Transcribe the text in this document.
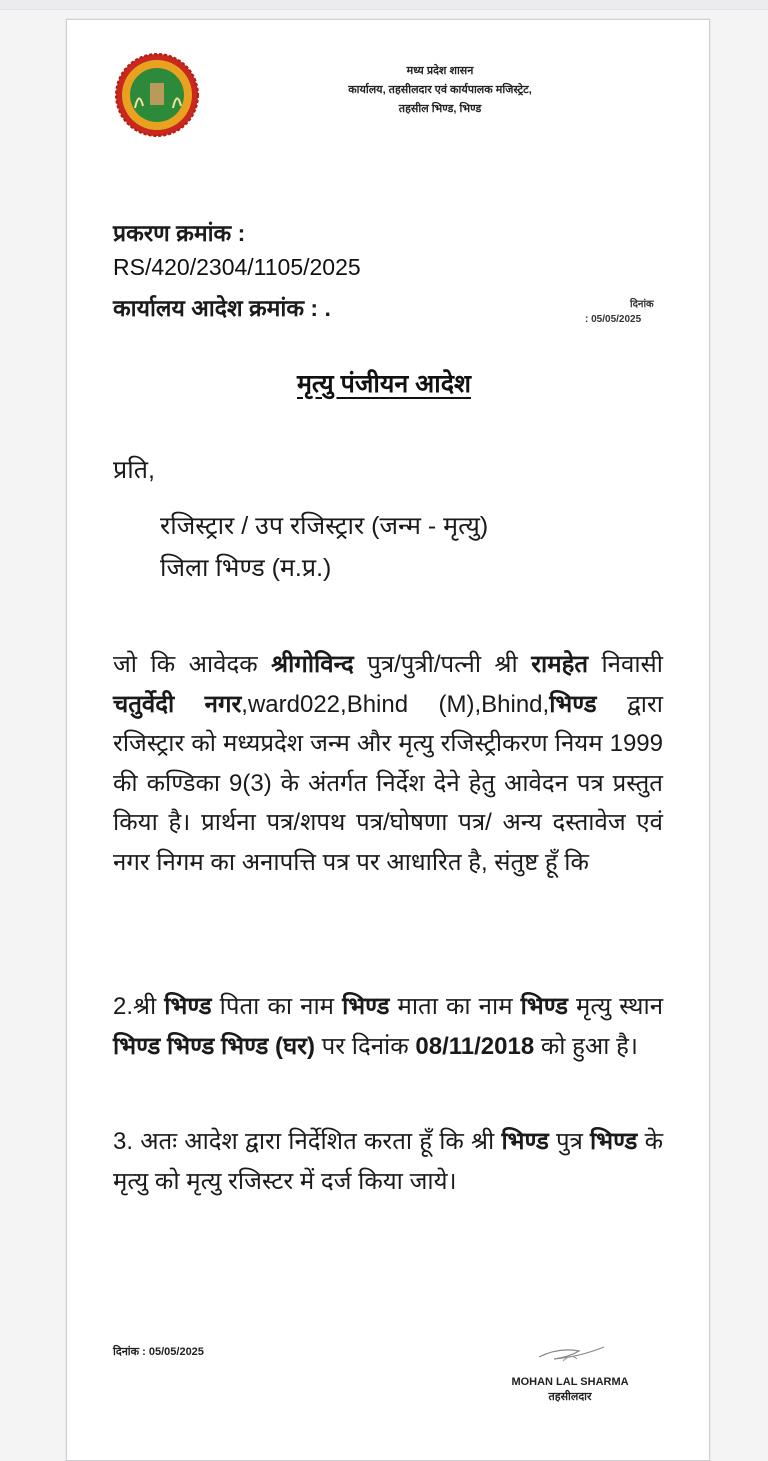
मध्य प्रदेश शासन
कार्यालय, तहसीलदार एवं कार्यपालक मजिस्ट्रेट,
तहसील भिण्ड, भिण्ड
प्रकरण क्रमांक :
RS/420/2304/1105/2025
कार्यालय आदेश क्रमांक : .	दिनांक
: 05/05/2025
मृत्यु पंजीयन आदेश
प्रति,
रजिस्ट्रार / उप रजिस्ट्रार (जन्म - मृत्यु)
जिला भिण्ड (म.प्र.)
जो कि आवेदक श्रीगोविन्द पुत्र/पुत्री/पत्नी श्री रामहेत निवासी चतुर्वेदी नगर,ward022,Bhind (M),Bhind,भिण्ड द्वारा रजिस्ट्रार को मध्यप्रदेश जन्म और मृत्यु रजिस्ट्रीकरण नियम 1999 की कण्डिका 9(3) के अंतर्गत निर्देश देने हेतु आवेदन पत्र प्रस्तुत किया है। प्रार्थना पत्र/शपथ पत्र/घोषणा पत्र/ अन्य दस्तावेज एवं नगर निगम का अनापत्ति पत्र पर आधारित है, संतुष्ट हूँ कि
2.श्री भिण्ड पिता का नाम भिण्ड माता का नाम भिण्ड मृत्यु स्थान भिण्ड भिण्ड भिण्ड (घर) पर दिनांक 08/11/2018 को हुआ है।
3. अतः आदेश द्वारा निर्देशित करता हूँ कि श्री भिण्ड पुत्र भिण्ड के मृत्यु को मृत्यु रजिस्टर में दर्ज किया जाये।
दिनांक : 05/05/2025
MOHAN LAL SHARMA
तहसीलदार
